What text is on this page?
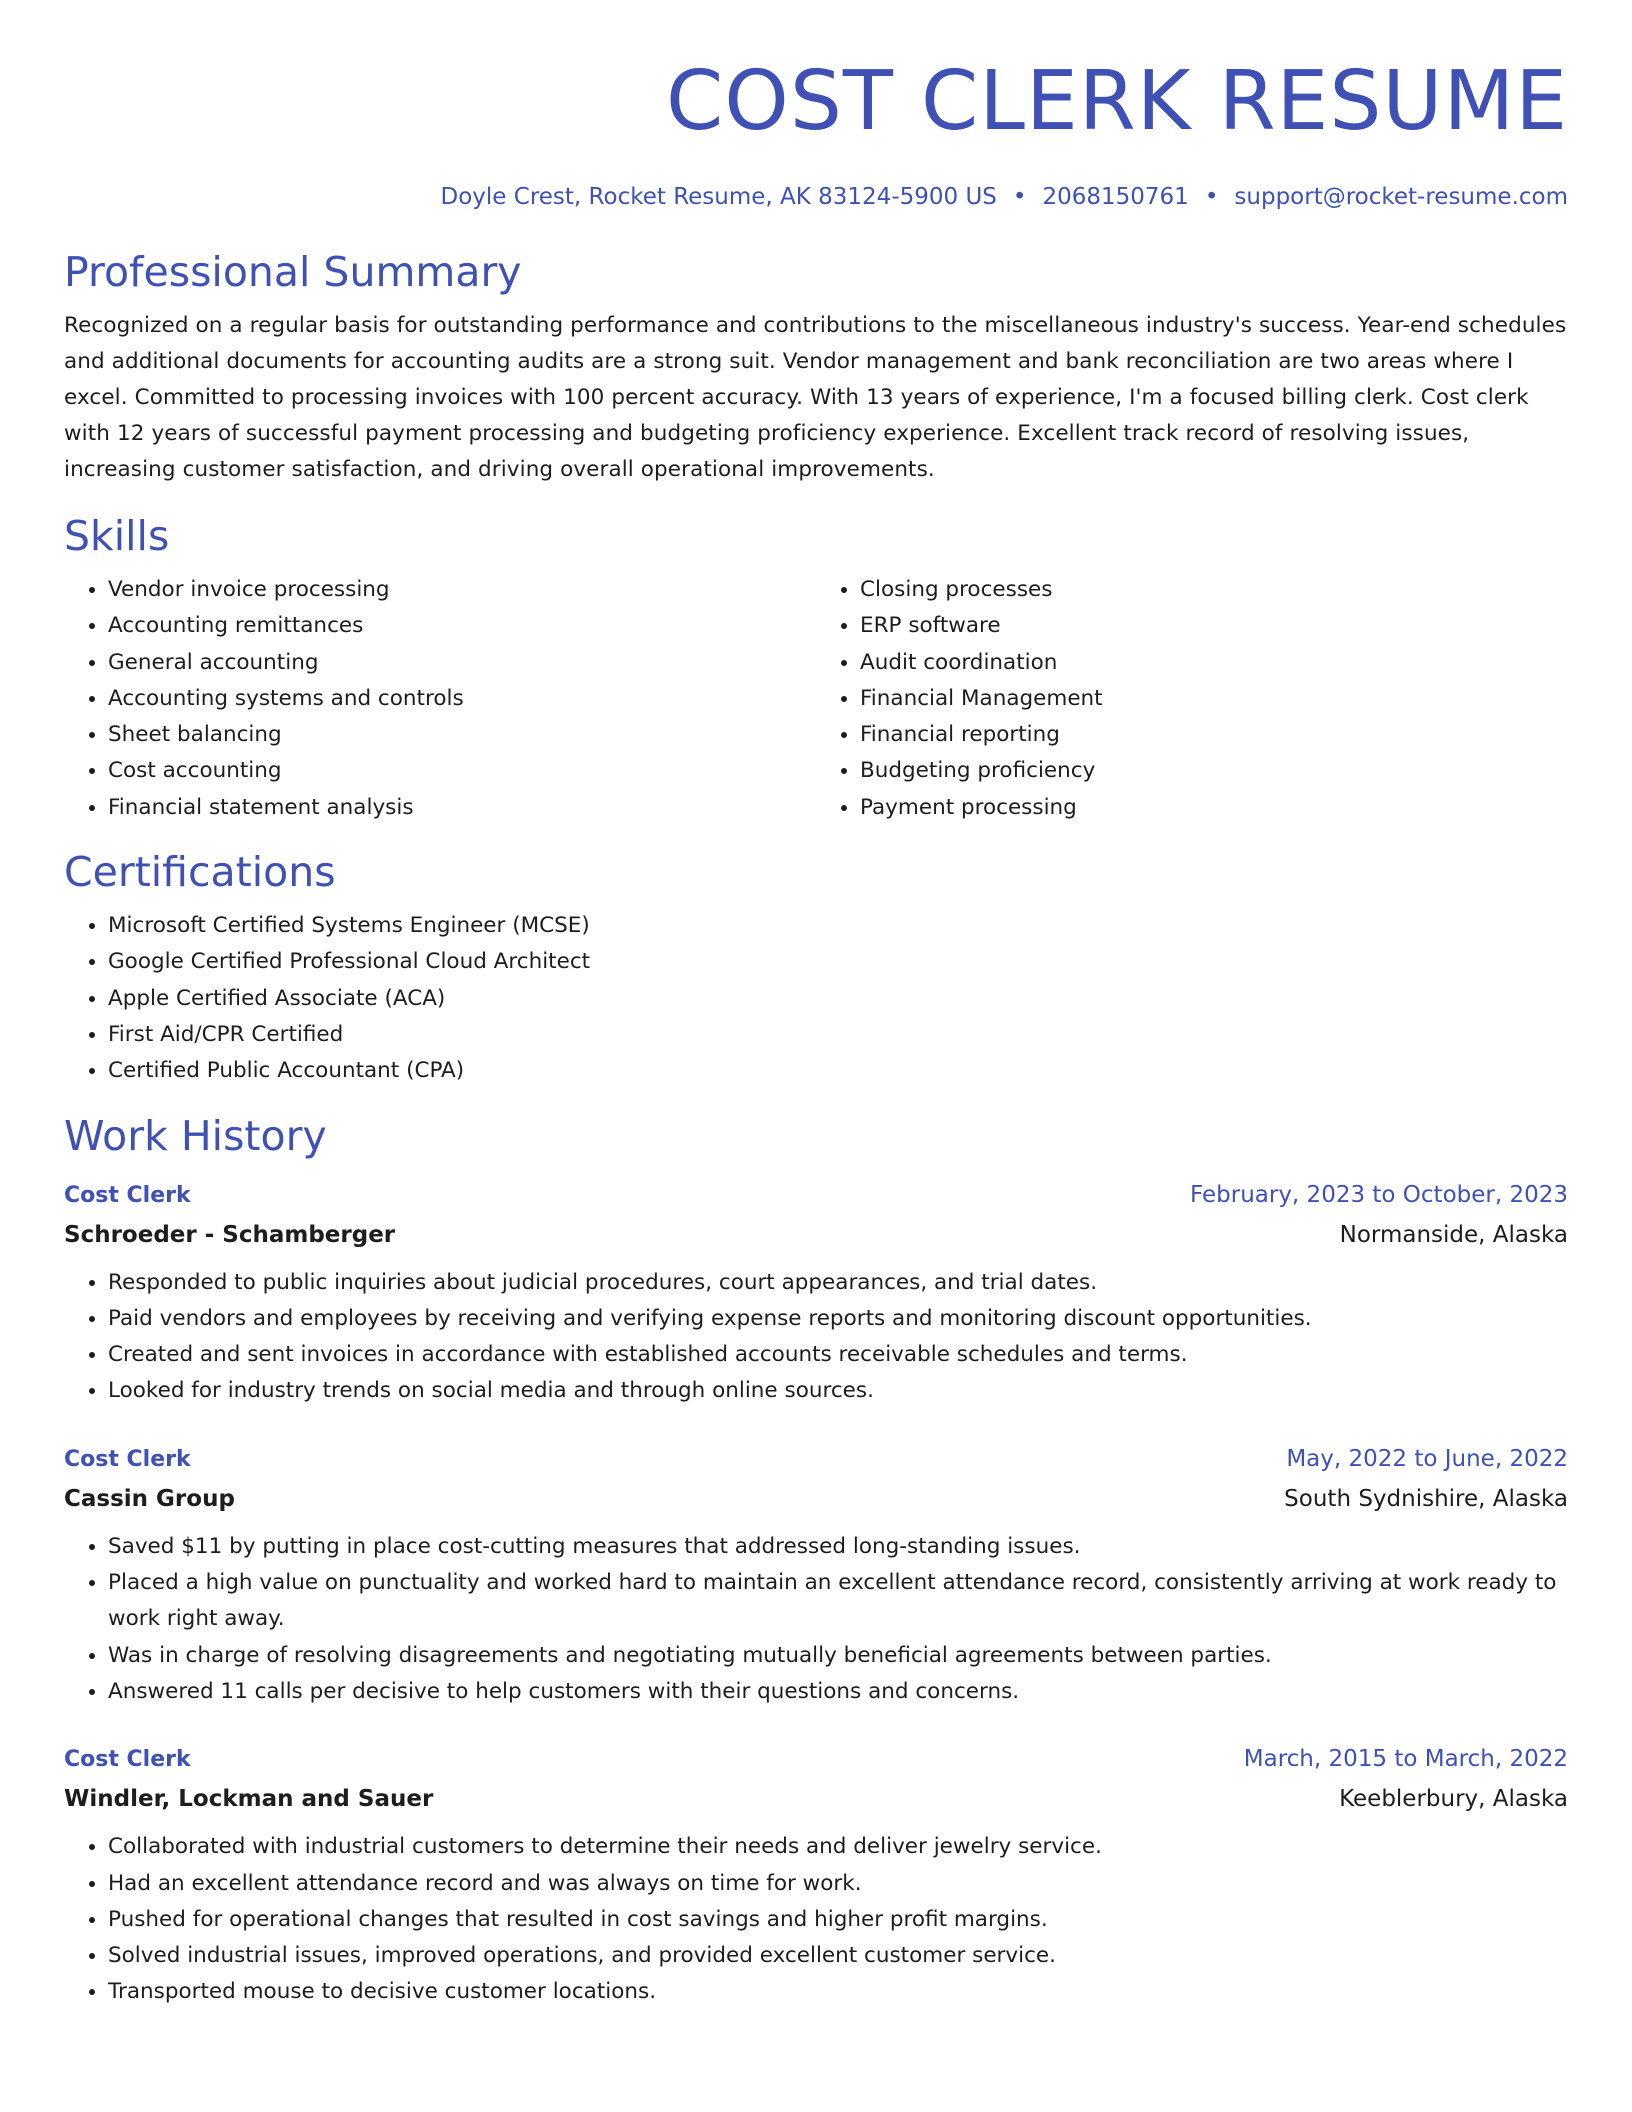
COST CLERK RESUME
Doyle Crest, Rocket Resume, AK 83124-5900 US • 2068150761 • support@rocket-resume.com
Professional Summary

Recognized on a regular basis for outstanding performance and contributions to the miscellaneous industry's success. Year-end schedules and additional documents for accounting audits are a strong suit. Vendor management and bank reconciliation are two areas where I excel. Committed to processing invoices with 100 percent accuracy. With 13 years of experience, I'm a focused billing clerk. Cost clerk with 12 years of successful payment processing and budgeting proficiency experience. Excellent track record of resolving issues, increasing customer satisfaction, and driving overall operational improvements.

Skills
• Vendor invoice processing
• Accounting remittances
• General accounting
• Accounting systems and controls
• Sheet balancing
• Cost accounting
• Financial statement analysis
• Closing processes
• ERP software
• Audit coordination
• Financial Management
• Financial reporting
• Budgeting proficiency
• Payment processing
Certifications
• Microsoft Certified Systems Engineer (MCSE)
• Google Certified Professional Cloud Architect
• Apple Certified Associate (ACA)
• First Aid/CPR Certified
• Certified Public Accountant (CPA)
Work History
Cost Clerk	February, 2023 to October, 2023
Schroeder - Schamberger	Normanside, Alaska
• Responded to public inquiries about judicial procedures, court appearances, and trial dates.
• Paid vendors and employees by receiving and verifying expense reports and monitoring discount opportunities.
• Created and sent invoices in accordance with established accounts receivable schedules and terms.
• Looked for industry trends on social media and through online sources.
Cost Clerk	May, 2022 to June, 2022
Cassin Group	South Sydnishire, Alaska
• Saved $11 by putting in place cost-cutting measures that addressed long-standing issues.
• Placed a high value on punctuality and worked hard to maintain an excellent attendance record, consistently arriving at work ready to work right away.
• Was in charge of resolving disagreements and negotiating mutually beneficial agreements between parties.
• Answered 11 calls per decisive to help customers with their questions and concerns.
Cost Clerk	March, 2015 to March, 2022
Windler, Lockman and Sauer	Keeblerbury, Alaska
• Collaborated with industrial customers to determine their needs and deliver jewelry service.
• Had an excellent attendance record and was always on time for work.
• Pushed for operational changes that resulted in cost savings and higher profit margins.
• Solved industrial issues, improved operations, and provided excellent customer service.
• Transported mouse to decisive customer locations.
